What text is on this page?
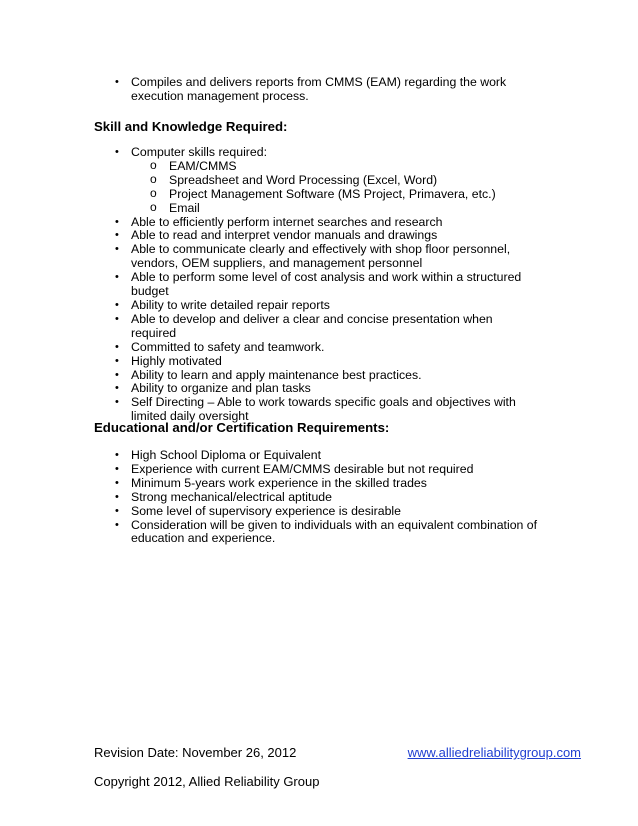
• Compiles and delivers reports from CMMS (EAM) regarding the work execution management process.
Skill and Knowledge Required:
• Computer skills required:
o EAM/CMMS
o Spreadsheet and Word Processing (Excel, Word)
o Project Management Software (MS Project, Primavera, etc.)
o Email
• Able to efficiently perform internet searches and research
• Able to read and interpret vendor manuals and drawings
• Able to communicate clearly and effectively with shop floor personnel, vendors, OEM suppliers, and management personnel
• Able to perform some level of cost analysis and work within a structured budget
• Ability to write detailed repair reports
• Able to develop and deliver a clear and concise presentation when required
• Committed to safety and teamwork.
• Highly motivated
• Ability to learn and apply maintenance best practices.
• Ability to organize and plan tasks
• Self Directing – Able to work towards specific goals and objectives with limited daily oversight
Educational and/or Certification Requirements:
• High School Diploma or Equivalent
• Experience with current EAM/CMMS desirable but not required
• Minimum 5-years work experience in the skilled trades
• Strong mechanical/electrical aptitude
• Some level of supervisory experience is desirable
• Consideration will be given to individuals with an equivalent combination of education and experience.
Revision Date: November 26, 2012	www.alliedreliabilitygroup.com
Copyright 2012, Allied Reliability Group
